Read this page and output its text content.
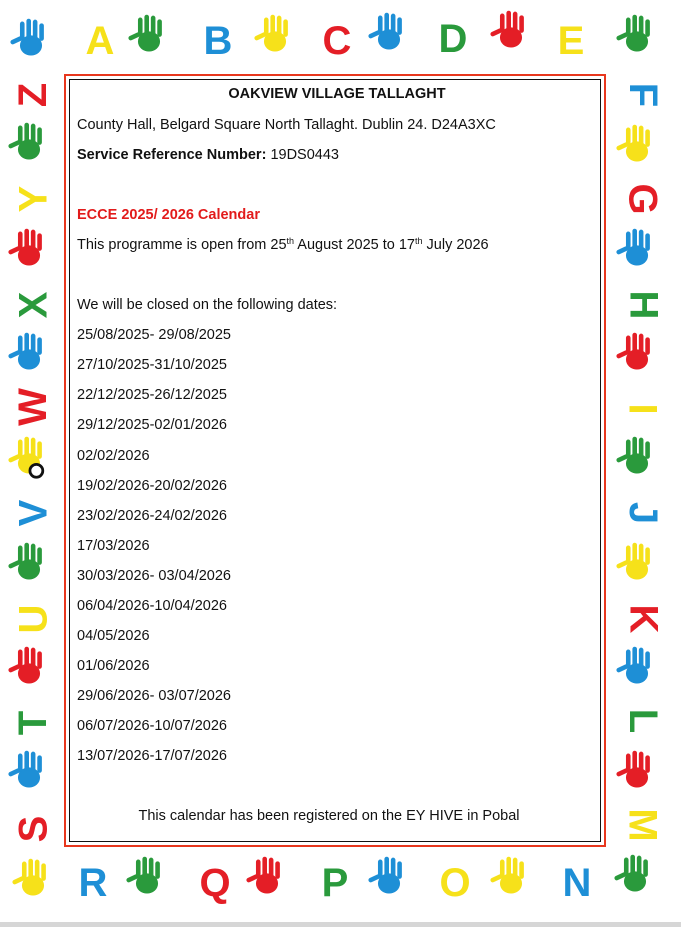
A B C D E
F
G
H
I
J
K
L
M
R Q P O N
Z
Y
X
W
V
U
T
S
OAKVIEW VILLAGE TALLAGHT
County Hall, Belgard Square North Tallaght. Dublin 24. D24A3XC
Service Reference Number: 19DS0443
ECCE 2025/ 2026 Calendar
This programme is open from 25th August 2025 to 17th July 2026
We will be closed on the following dates:
25/08/2025- 29/08/2025
27/10/2025-31/10/2025
22/12/2025-26/12/2025
29/12/2025-02/01/2026
02/02/2026
19/02/2026-20/02/2026
23/02/2026-24/02/2026
17/03/2026
30/03/2026- 03/04/2026
06/04/2026-10/04/2026
04/05/2026
01/06/2026
29/06/2026- 03/07/2026
06/07/2026-10/07/2026
13/07/2026-17/07/2026
This calendar has been registered on the EY HIVE in Pobal
